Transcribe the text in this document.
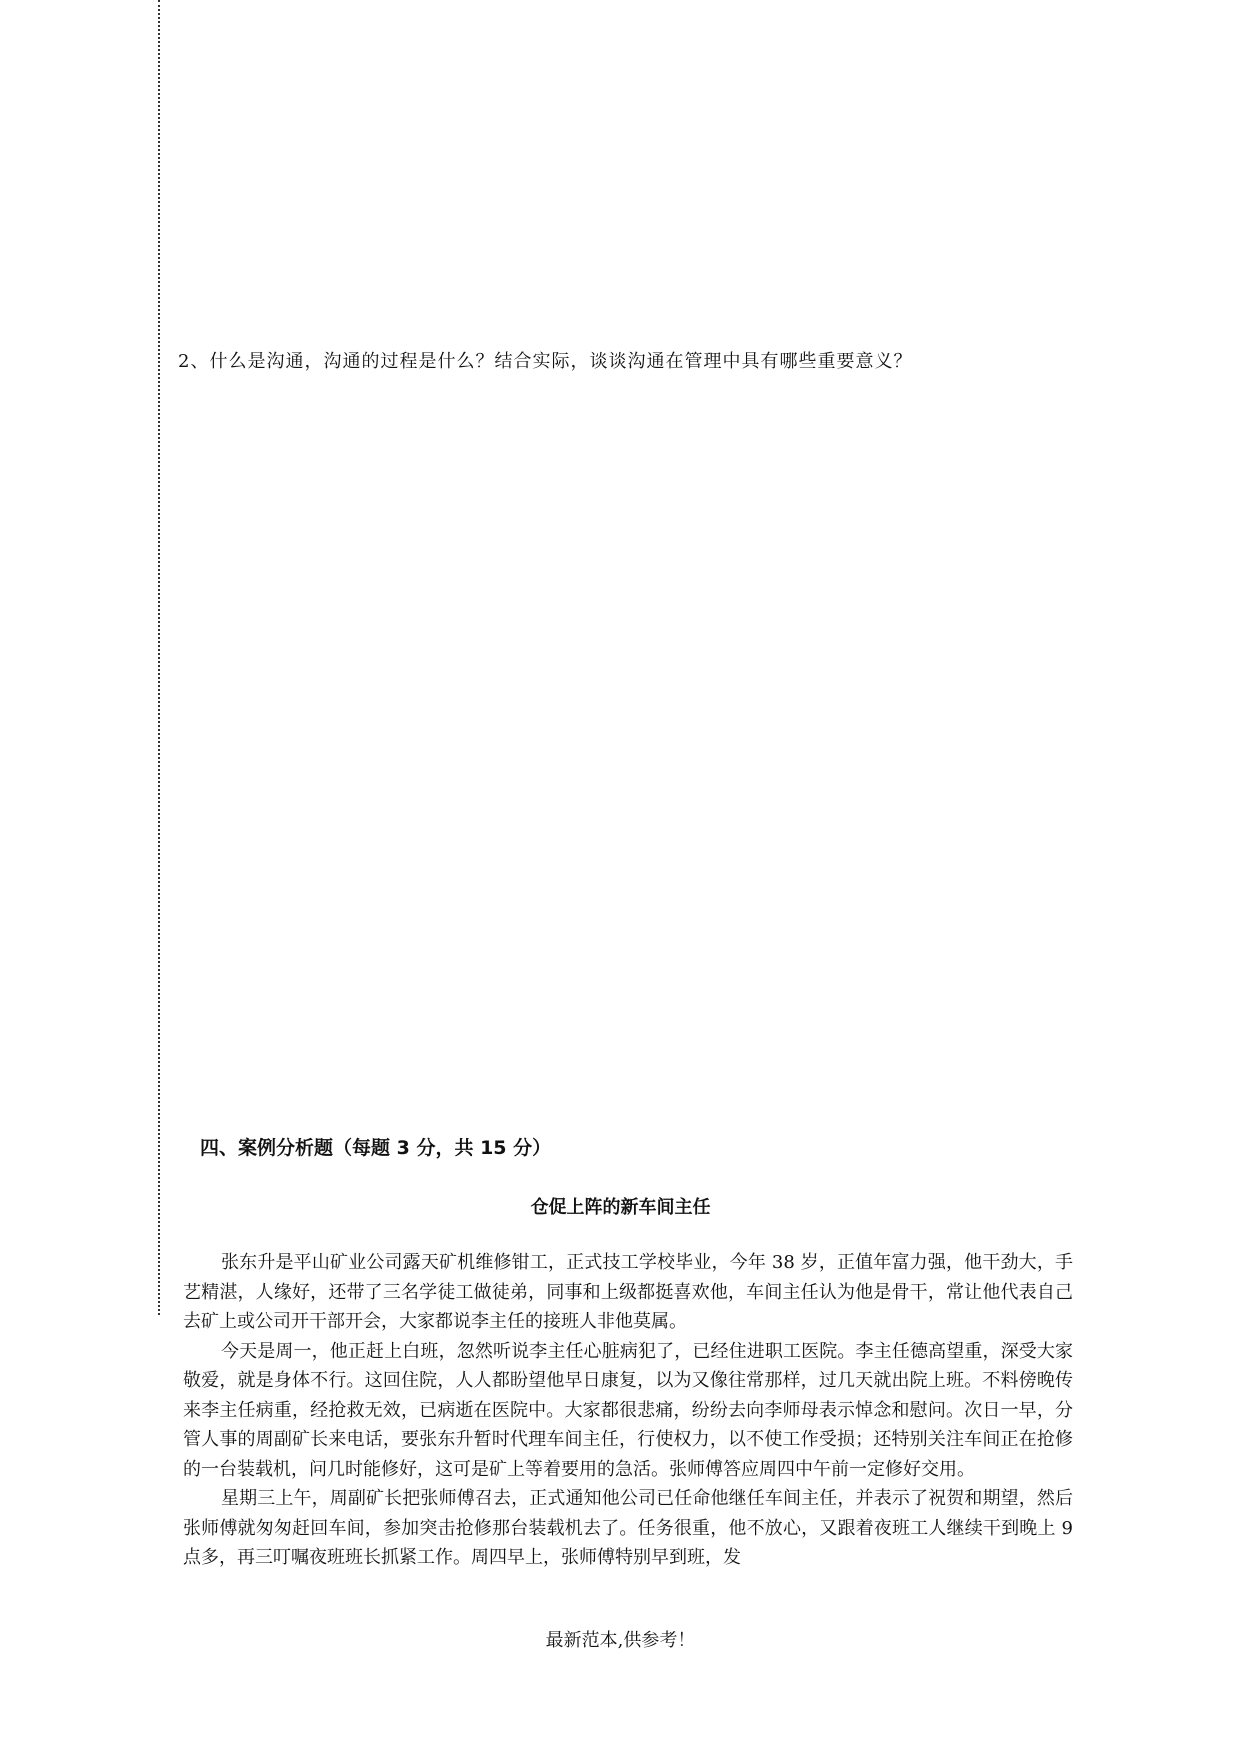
2、什么是沟通，沟通的过程是什么？结合实际，谈谈沟通在管理中具有哪些重要意义？
四、案例分析题（每题 3 分，共 15 分）
仓促上阵的新车间主任

张东升是平山矿业公司露天矿机维修钳工，正式技工学校毕业，今年 38 岁，正值年富力强，他干劲大，手艺精湛，人缘好，还带了三名学徒工做徒弟，同事和上级都挺喜欢他，车间主任认为他是骨干，常让他代表自己去矿上或公司开干部开会，大家都说李主任的接班人非他莫属。

今天是周一，他正赶上白班，忽然听说李主任心脏病犯了，已经住进职工医院。李主任德高望重，深受大家敬爱，就是身体不行。这回住院，人人都盼望他早日康复，以为又像往常那样，过几天就出院上班。不料傍晚传来李主任病重，经抢救无效，已病逝在医院中。大家都很悲痛，纷纷去向李师母表示悼念和慰问。次日一早，分管人事的周副矿长来电话，要张东升暂时代理车间主任，行使权力，以不使工作受损；还特别关注车间正在抢修的一台装载机，问几时能修好，这可是矿上等着要用的急活。张师傅答应周四中午前一定修好交用。

星期三上午，周副矿长把张师傅召去，正式通知他公司已任命他继任车间主任，并表示了祝贺和期望，然后张师傅就匆匆赶回车间，参加突击抢修那台装载机去了。任务很重，他不放心，又跟着夜班工人继续干到晚上 9 点多，再三叮嘱夜班班长抓紧工作。周四早上，张师傅特别早到班，发

最新范本,供参考！
